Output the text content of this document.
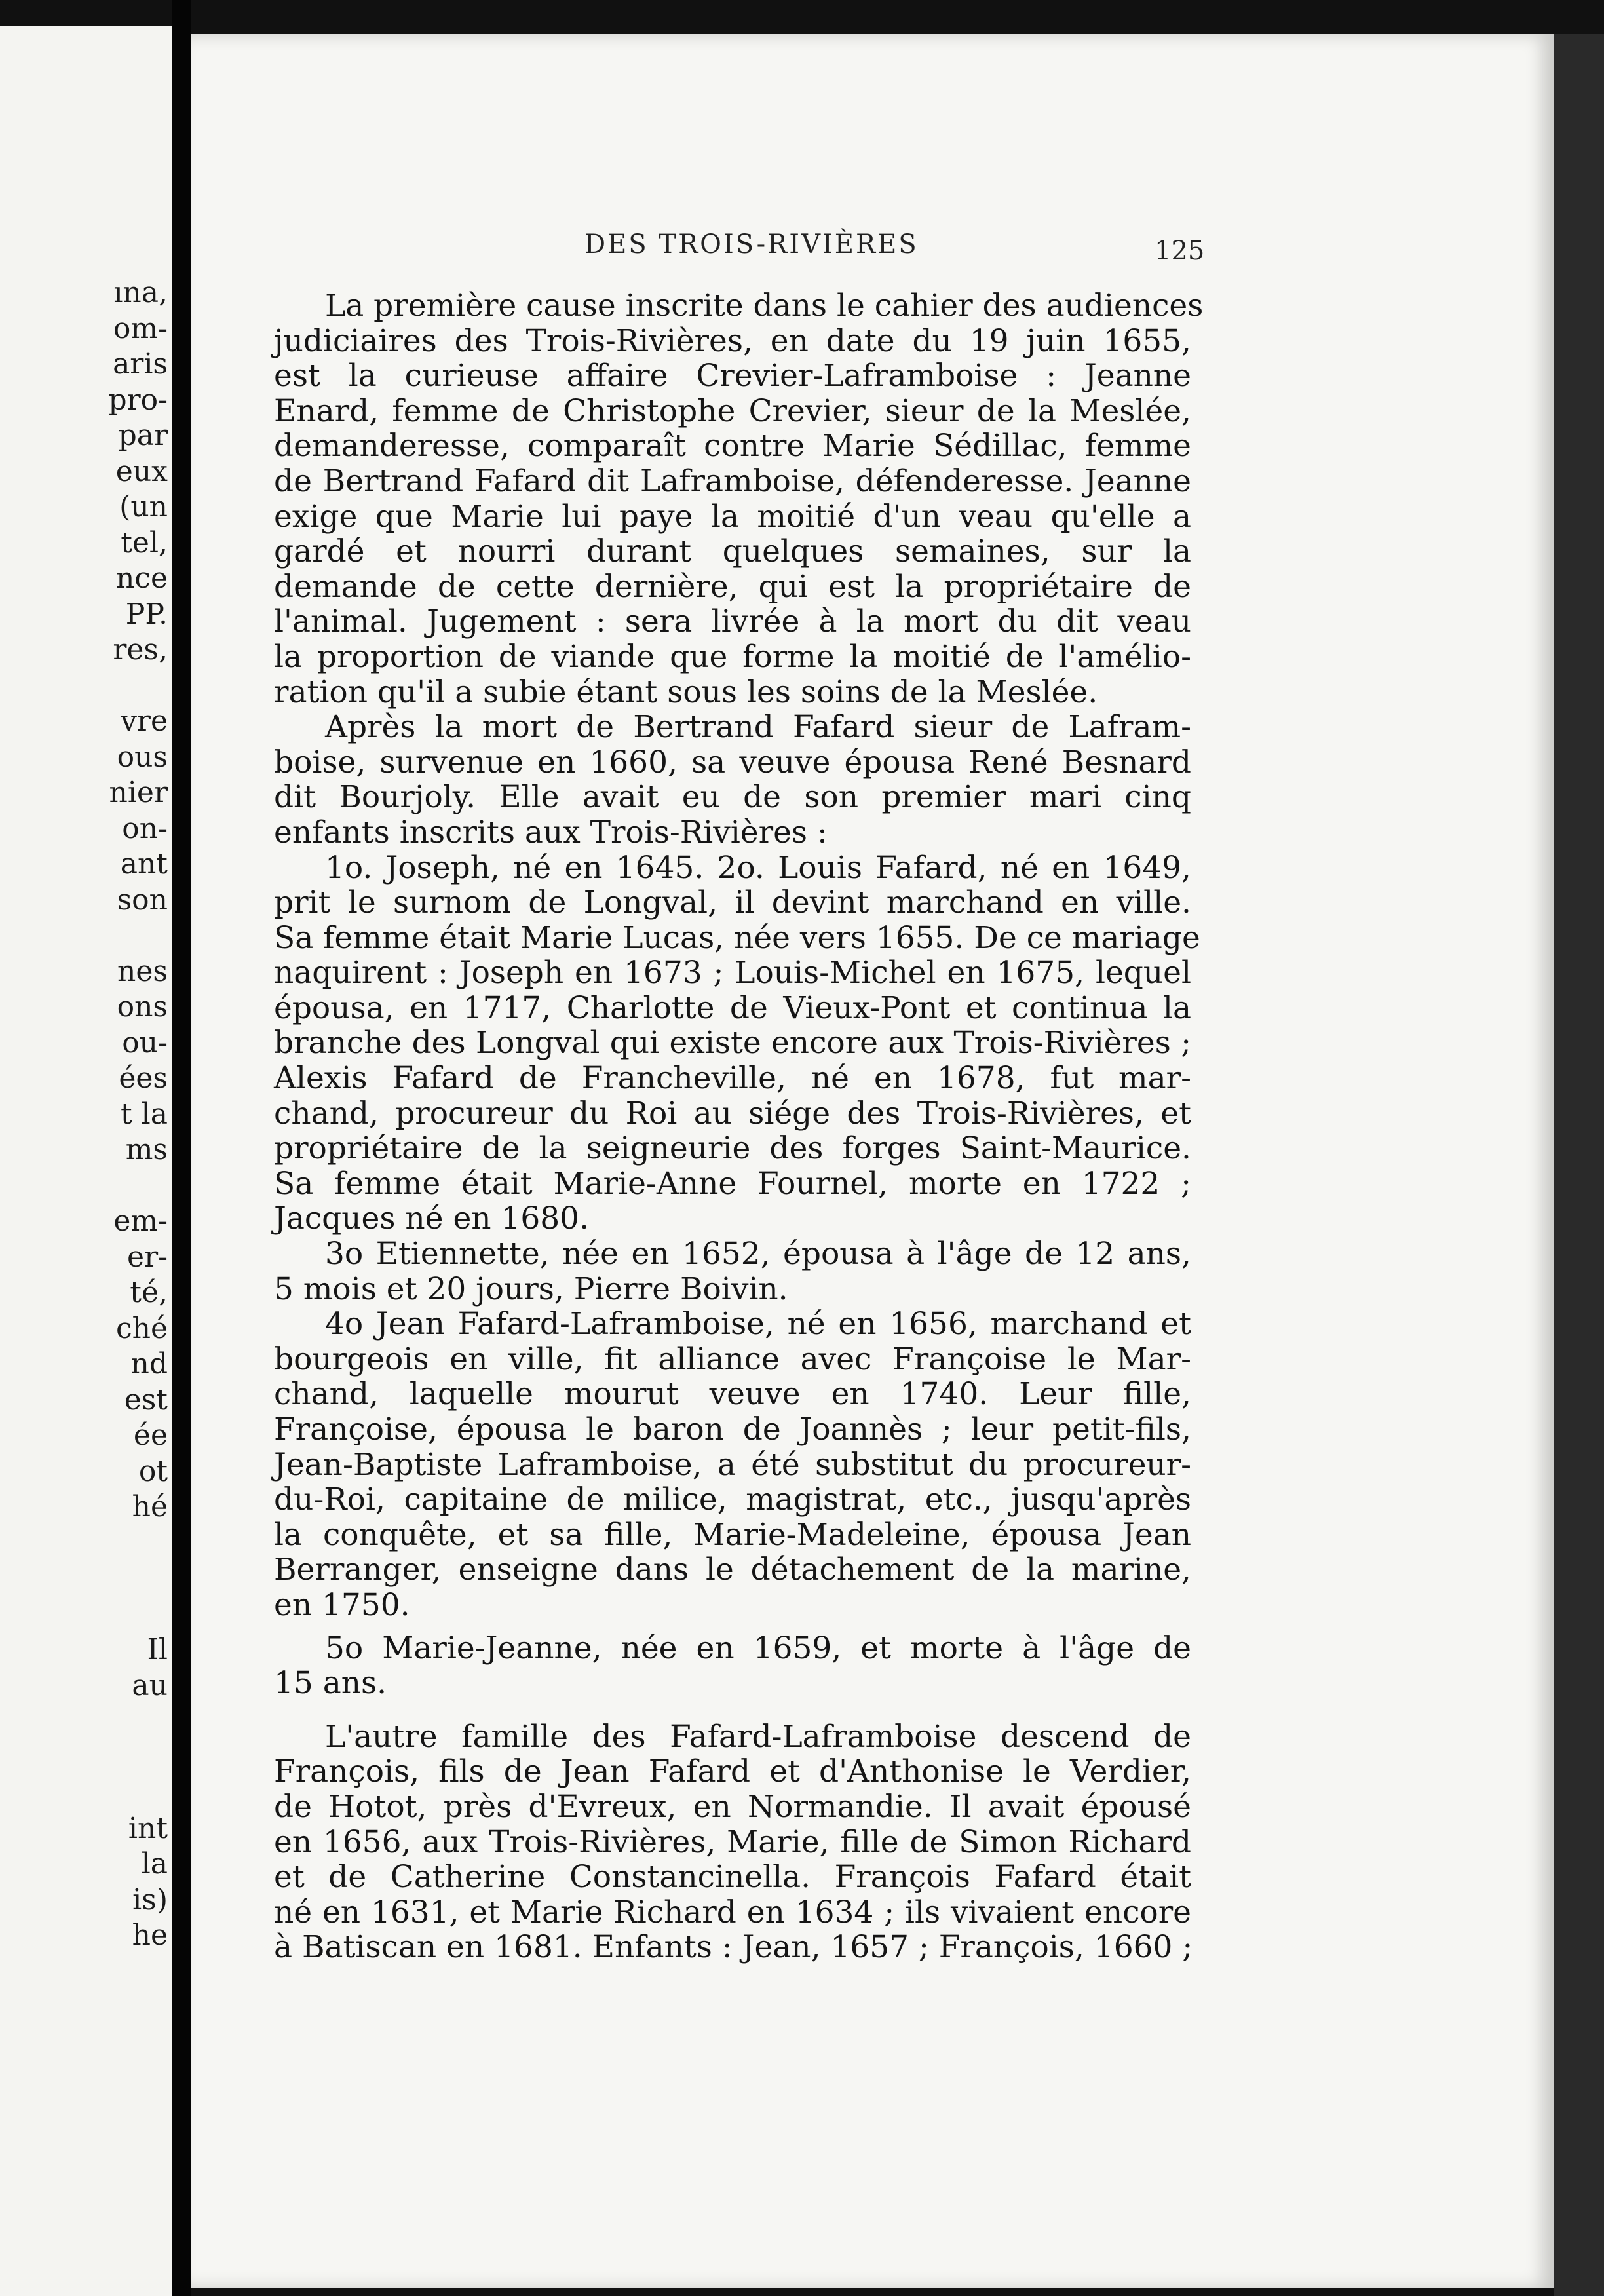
ına,
om-
aris
pro-
par
eux
(un
tel,
nce
PP.
res,
vre
ous
nier
on-
ant
son
nes
ons
ou-
ées
t la
ms
em-
er-
té,
ché
nd
est
ée
ot
hé
Il
au
int
la
is)
he
DES TROIS-RIVIÈRES	125
La première cause inscrite dans le cahier des audiences
judiciaires des Trois-Rivières, en date du 19 juin 1655,
est la curieuse affaire Crevier-Laframboise : Jeanne
Enard, femme de Christophe Crevier, sieur de la Meslée,
demanderesse, comparaît contre Marie Sédillac, femme
de Bertrand Fafard dit Laframboise, défenderesse. Jeanne
exige que Marie lui paye la moitié d'un veau qu'elle a
gardé et nourri durant quelques semaines, sur la
demande de cette dernière, qui est la propriétaire de
l'animal. Jugement : sera livrée à la mort du dit veau
la proportion de viande que forme la moitié de l'amélio-
ration qu'il a subie étant sous les soins de la Meslée.
Après la mort de Bertrand Fafard sieur de Lafram-
boise, survenue en 1660, sa veuve épousa René Besnard
dit Bourjoly. Elle avait eu de son premier mari cinq
enfants inscrits aux Trois-Rivières :
1o. Joseph, né en 1645. 2o. Louis Fafard, né en 1649,
prit le surnom de Longval, il devint marchand en ville.
Sa femme était Marie Lucas, née vers 1655. De ce mariage
naquirent : Joseph en 1673 ; Louis-Michel en 1675, lequel
épousa, en 1717, Charlotte de Vieux-Pont et continua la
branche des Longval qui existe encore aux Trois-Rivières ;
Alexis Fafard de Francheville, né en 1678, fut mar-
chand, procureur du Roi au siége des Trois-Rivières, et
propriétaire de la seigneurie des forges Saint-Maurice.
Sa femme était Marie-Anne Fournel, morte en 1722 ;
Jacques né en 1680.
3o Etiennette, née en 1652, épousa à l'âge de 12 ans,
5 mois et 20 jours, Pierre Boivin.
4o Jean Fafard-Laframboise, né en 1656, marchand et
bourgeois en ville, fit alliance avec Françoise le Mar-
chand, laquelle mourut veuve en 1740. Leur fille,
Françoise, épousa le baron de Joannès ; leur petit-fils,
Jean-Baptiste Laframboise, a été substitut du procureur-
du-Roi, capitaine de milice, magistrat, etc., jusqu'après
la conquête, et sa fille, Marie-Madeleine, épousa Jean
Berranger, enseigne dans le détachement de la marine,
en 1750.
5o Marie-Jeanne, née en 1659, et morte à l'âge de
15 ans.
L'autre famille des Fafard-Laframboise descend de
François, fils de Jean Fafard et d'Anthonise le Verdier,
de Hotot, près d'Evreux, en Normandie. Il avait épousé
en 1656, aux Trois-Rivières, Marie, fille de Simon Richard
et de Catherine Constancinella. François Fafard était
né en 1631, et Marie Richard en 1634 ; ils vivaient encore
à Batiscan en 1681. Enfants : Jean, 1657 ; François, 1660 ;
